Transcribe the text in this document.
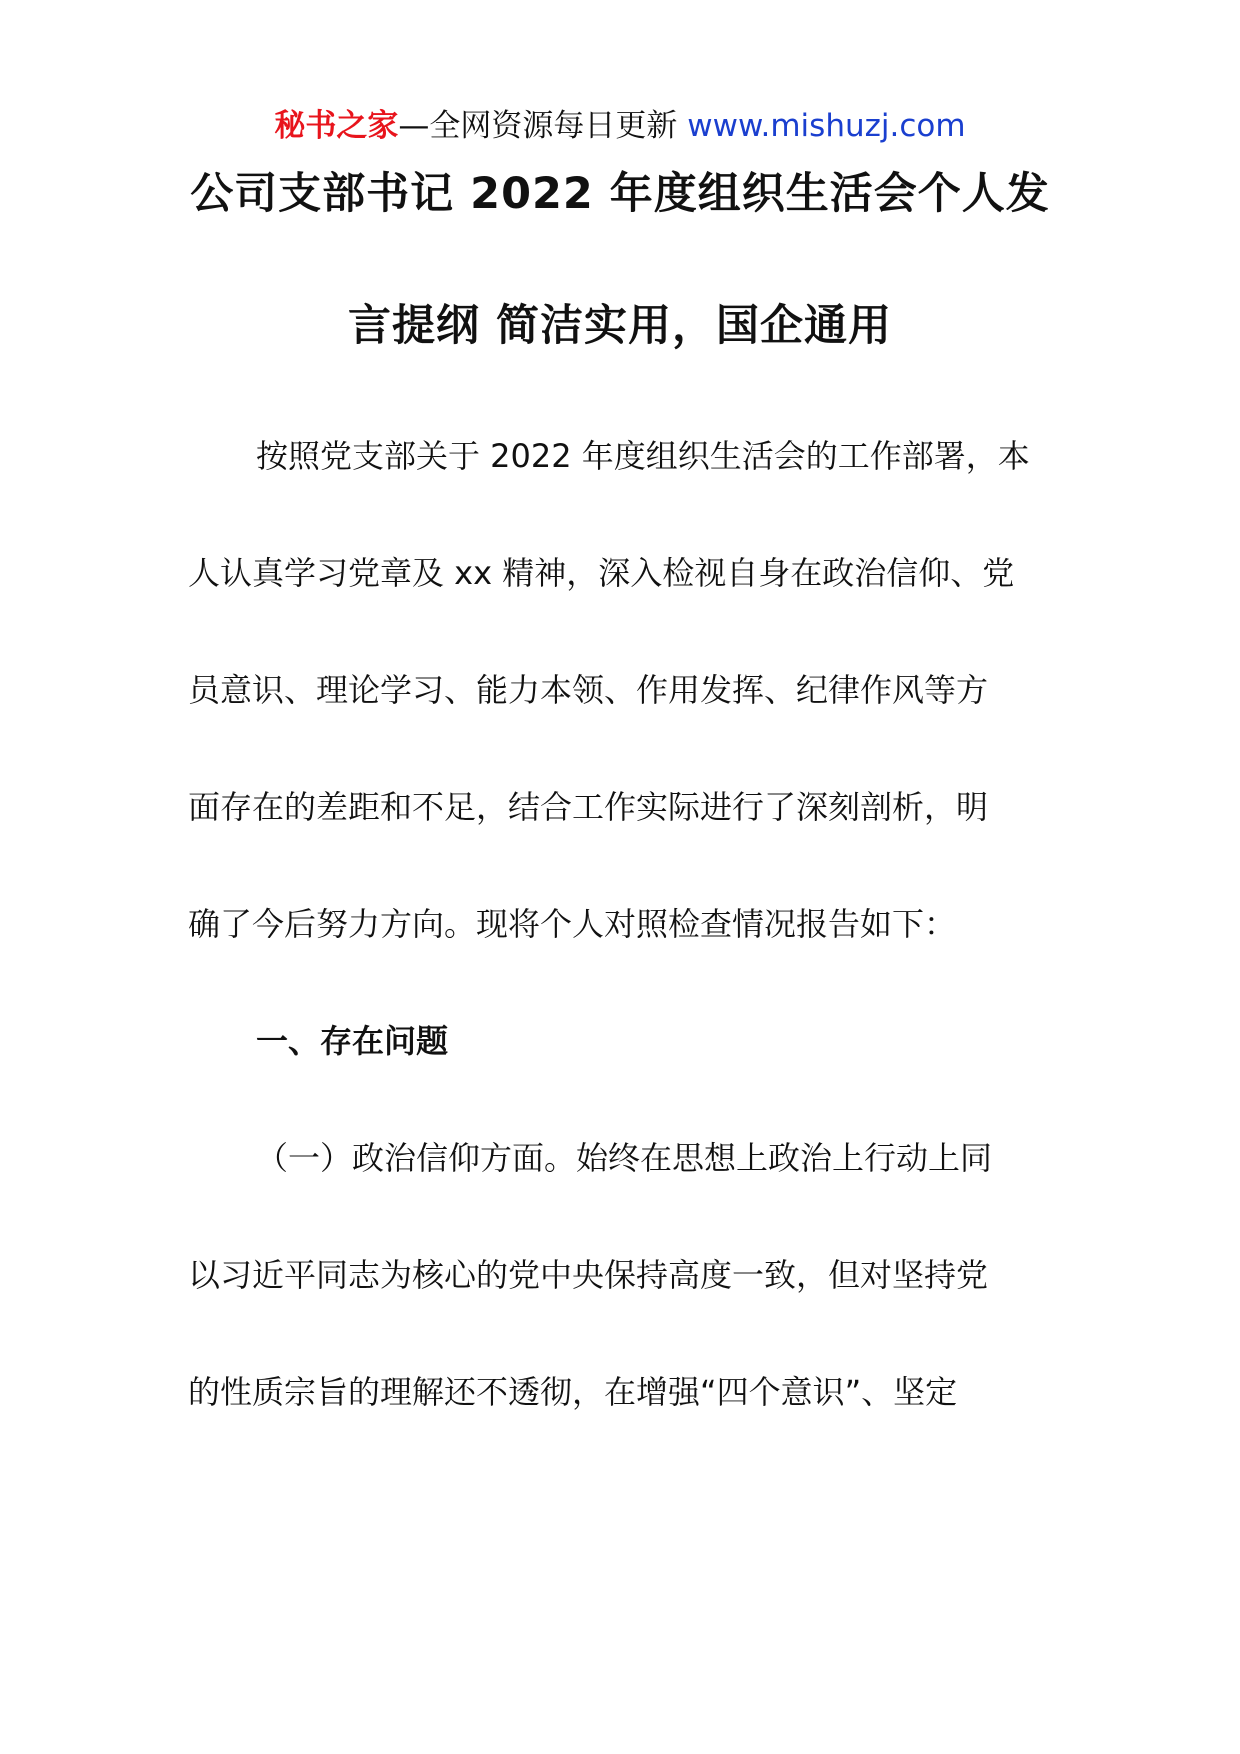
秘书之家—全网资源每日更新 www.mishuzj.com
公司支部书记 2022 年度组织生活会个人发
言提纲 简洁实用，国企通用
按照党支部关于 2022 年度组织生活会的工作部署，本
人认真学习党章及 xx 精神，深入检视自身在政治信仰、党
员意识、理论学习、能力本领、作用发挥、纪律作风等方
面存在的差距和不足，结合工作实际进行了深刻剖析，明
确了今后努力方向。现将个人对照检查情况报告如下：
一、存在问题
（一）政治信仰方面。始终在思想上政治上行动上同
以习近平同志为核心的党中央保持高度一致，但对坚持党
的性质宗旨的理解还不透彻，在增强“四个意识”、坚定
